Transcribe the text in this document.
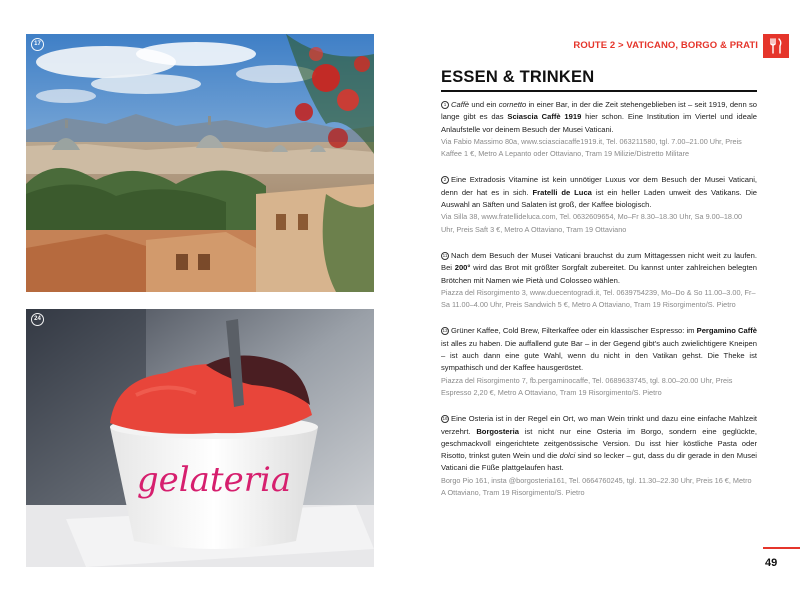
17
gelateria
24
ROUTE 2 > VATICANO, BORGO & PRATI
ESSEN & TRINKEN

1 Caffè und ein cornetto in einer Bar, in der die Zeit stehengeblieben ist – seit 1919, denn so lange gibt es das Sciascia Caffè 1919 hier schon. Eine Institution im Viertel und ideale Anlaufstelle vor deinem Besuch der Musei Vaticani.

Via Fabio Massimo 80a, www.sciasciacaffe1919.it, Tel. 063211580, tgl. 7.00–21.00 Uhr, Preis Kaffee 1 €, Metro A Lepanto oder Ottaviano, Tram 19 Milizie/Distretto Militare

2 Eine Extradosis Vitamine ist kein unnötiger Luxus vor dem Besuch der Musei Vaticani, denn der hat es in sich. Fratelli de Luca ist ein heller Laden unweit des Vatikans. Die Auswahl an Säften und Salaten ist groß, der Kaffee biologisch.

Via Silla 38, www.fratellideluca.com, Tel. 0632609654, Mo–Fr 8.30–18.30 Uhr, Sa 9.00–18.00 Uhr, Preis Saft 3 €, Metro A Ottaviano, Tram 19 Ottaviano

11 Nach dem Besuch der Musei Vaticani brauchst du zum Mittagessen nicht weit zu laufen. Bei 200° wird das Brot mit größter Sorgfalt zubereitet. Du kannst unter zahlreichen belegten Brötchen mit Namen wie Pietà und Colosseo wählen.

Piazza del Risorgimento 3, www.duecentogradi.it, Tel. 0639754239, Mo–Do & So 11.00–3.00, Fr–Sa 11.00–4.00 Uhr, Preis Sandwich 5 €, Metro A Ottaviano, Tram 19 Risorgimento/S. Pietro

13 Grüner Kaffee, Cold Brew, Filterkaffee oder ein klassischer Espresso: im Pergamino Caffè ist alles zu haben. Die auffallend gute Bar – in der Gegend gibt's auch zwielichtigere Kneipen – ist auch dann eine gute Wahl, wenn du nicht in den Vatikan gehst. Die Theke ist sympathisch und der Kaffee hausgeröstet.

Piazza del Risorgimento 7, fb.pergaminocaffe, Tel. 0689633745, tgl. 8.00–20.00 Uhr, Preis Espresso 2,20 €, Metro A Ottaviano, Tram 19 Risorgimento/S. Pietro

16 Eine Osteria ist in der Regel ein Ort, wo man Wein trinkt und dazu eine einfache Mahlzeit verzehrt. Borgosteria ist nicht nur eine Osteria im Borgo, sondern eine geglückte, geschmackvoll eingerichtete zeitgenössische Version. Du isst hier köstliche Pasta oder Risotto, trinkst guten Wein und die dolci sind so lecker – gut, dass du dir gerade in den Musei Vaticani die Füße plattgelaufen hast.

Borgo Pio 161, insta @borgosteria161, Tel. 0664760245, tgl. 11.30–22.30 Uhr, Preis 16 €, Metro A Ottaviano, Tram 19 Risorgimento/S. Pietro

49
